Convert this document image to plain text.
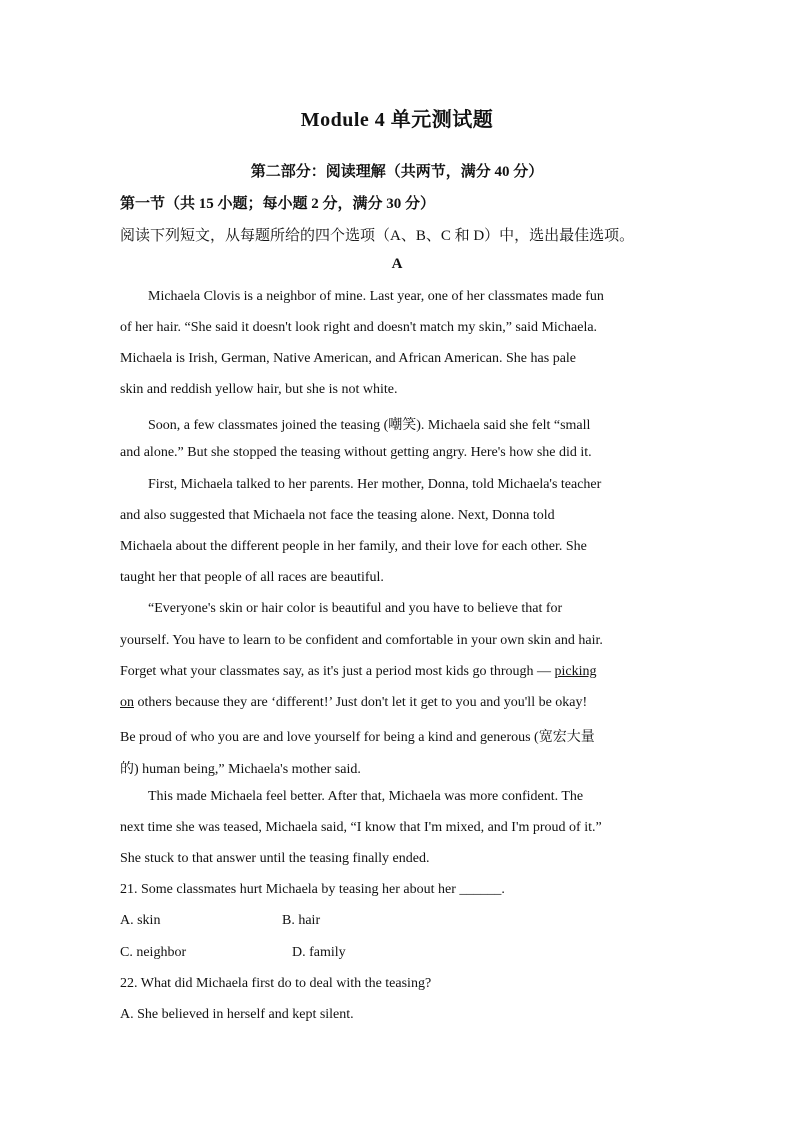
Module 4 单元测试题
第二部分：阅读理解（共两节，满分 40 分）
第一节（共 15 小题；每小题 2 分，满分 30 分）
阅读下列短文，从每题所给的四个选项（A、B、C 和 D）中，选出最佳选项。
A
Michaela Clovis is a neighbor of mine. Last year, one of her classmates made fun
of her hair. “She said it doesn't look right and doesn't match my skin,” said Michaela.
Michaela is Irish, German, Native American, and African American. She has pale
skin and reddish yellow hair, but she is not white.
Soon, a few classmates joined the teasing (嘲笑). Michaela said she felt “small
and alone.” But she stopped the teasing without getting angry. Here's how she did it.
First, Michaela talked to her parents. Her mother, Donna, told Michaela's teacher
and also suggested that Michaela not face the teasing alone. Next, Donna told
Michaela about the different people in her family, and their love for each other. She
taught her that people of all races are beautiful.
“Everyone's skin or hair color is beautiful and you have to believe that for
yourself. You have to learn to be confident and comfortable in your own skin and hair.
Forget what your classmates say, as it's just a period most kids go through — picking
on others because they are ‘different!’ Just don't let it get to you and you'll be okay!
Be proud of who you are and love yourself for being a kind and generous (宽宏大量
的) human being,” Michaela's mother said.
This made Michaela feel better. After that, Michaela was more confident. The
next time she was teased, Michaela said, “I know that I'm mixed, and I'm proud of it.”
She stuck to that answer until the teasing finally ended.
21. Some classmates hurt Michaela by teasing her about her ______.
A. skin	B. hair
C. neighbor	D. family
22. What did Michaela first do to deal with the teasing?
A. She believed in herself and kept silent.
